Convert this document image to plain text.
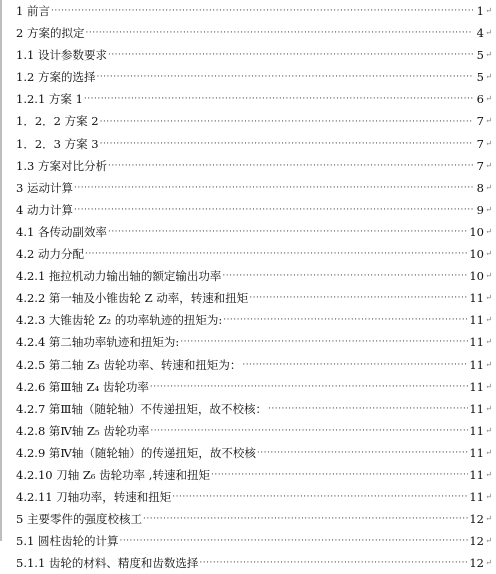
1 前言 ·····	1 ↵
2 方案的拟定 ·····	4 ↵
1.1 设计参数要求 ·····	5 ↵
1.2 方案的选择 ·····	5 ↵
1.2.1 方案 1 ·····	6 ↵
1．2．2 方案 2 ·····	7 ↵
1．2．3 方案 3 ·····	7 ↵
1.3 方案对比分析 ·····	7 ↵
3 运动计算 ·····	8 ↵
4 动力计算 ·····	9 ↵
4.1 各传动副效率 ·····	10 ↵
4.2 动力分配 ·····	10 ↵
4.2.1 拖拉机动力输出轴的额定输出功率 ·····	10 ↵
4.2.2 第一轴及小锥齿轮 Z 动率，转速和扭矩 ·····	11 ↵
4.2.3 大锥齿轮 Z₂ 的功率轨迹的扭矩为: ·····	11 ↵
4.2.4 第二轴功率轨迹和扭矩为: ·····	11 ↵
4.2.5 第二轴 Z₃ 齿轮功率、转速和扭矩为： ·····	11 ↵
4.2.6 第Ⅲ轴 Z₄ 齿轮功率 ·····	11 ↵
4.2.7 第Ⅲ轴（随轮轴）不传递扭矩，故不校核： ·····	11 ↵
4.2.8 第Ⅳ轴 Z₅ 齿轮功率 ·····	11 ↵
4.2.9 第Ⅳ轴（随轮轴）的传递扭矩，故不校核 ·····	11 ↵
4.2.10 刀轴 Z₆ 齿轮功率 ,转速和扭矩 ·····	11 ↵
4.2.11 刀轴功率，转速和扭矩 ·····	11 ↵
5 主要零件的强度校核工 ·····	12 ↵
5.1 圆柱齿轮的计算 ·····	12 ↵
5.1.1 齿轮的材料、精度和齿数选择 ·····	12 ↵
